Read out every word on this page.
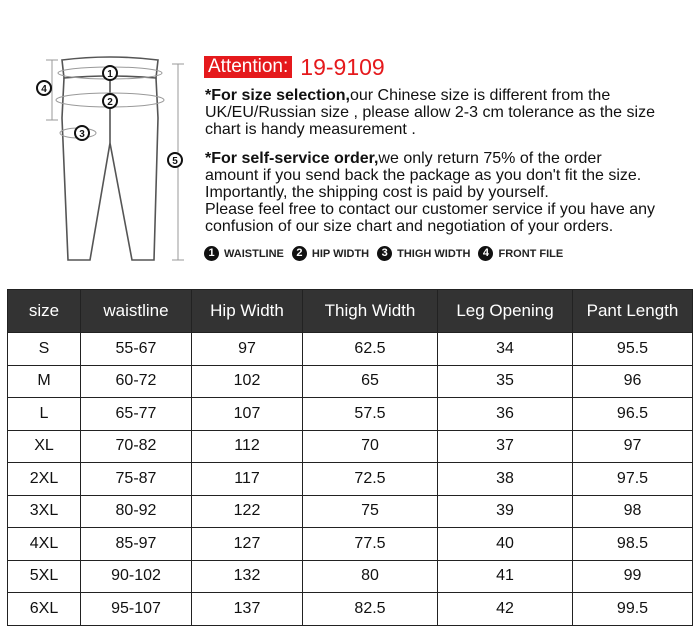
1
2
3
4
5
Attention: 19-9109
*For size selection,our Chinese size is different from the UK/EU/Russian size , please allow 2-3 cm tolerance as the size chart is handy measurement .
*For self-service order,we only return 75% of the order
amount if you send back the package as you don't fit the size.
Importantly, the shipping cost is paid by yourself.
Please feel free to contact our customer service if you have any
confusion of our size chart and negotiation of your orders.
1 WAISTLINE	2 HIP WIDTH	3 THIGH WIDTH	4 FRONT FILE
size	waistline	Hip Width	Thigh Width	Leg Opening	Pant Length
S	55-67	97	62.5	34	95.5
M	60-72	102	65	35	96
L	65-77	107	57.5	36	96.5
XL	70-82	112	70	37	97
2XL	75-87	117	72.5	38	97.5
3XL	80-92	122	75	39	98
4XL	85-97	127	77.5	40	98.5
5XL	90-102	132	80	41	99
6XL	95-107	137	82.5	42	99.5
